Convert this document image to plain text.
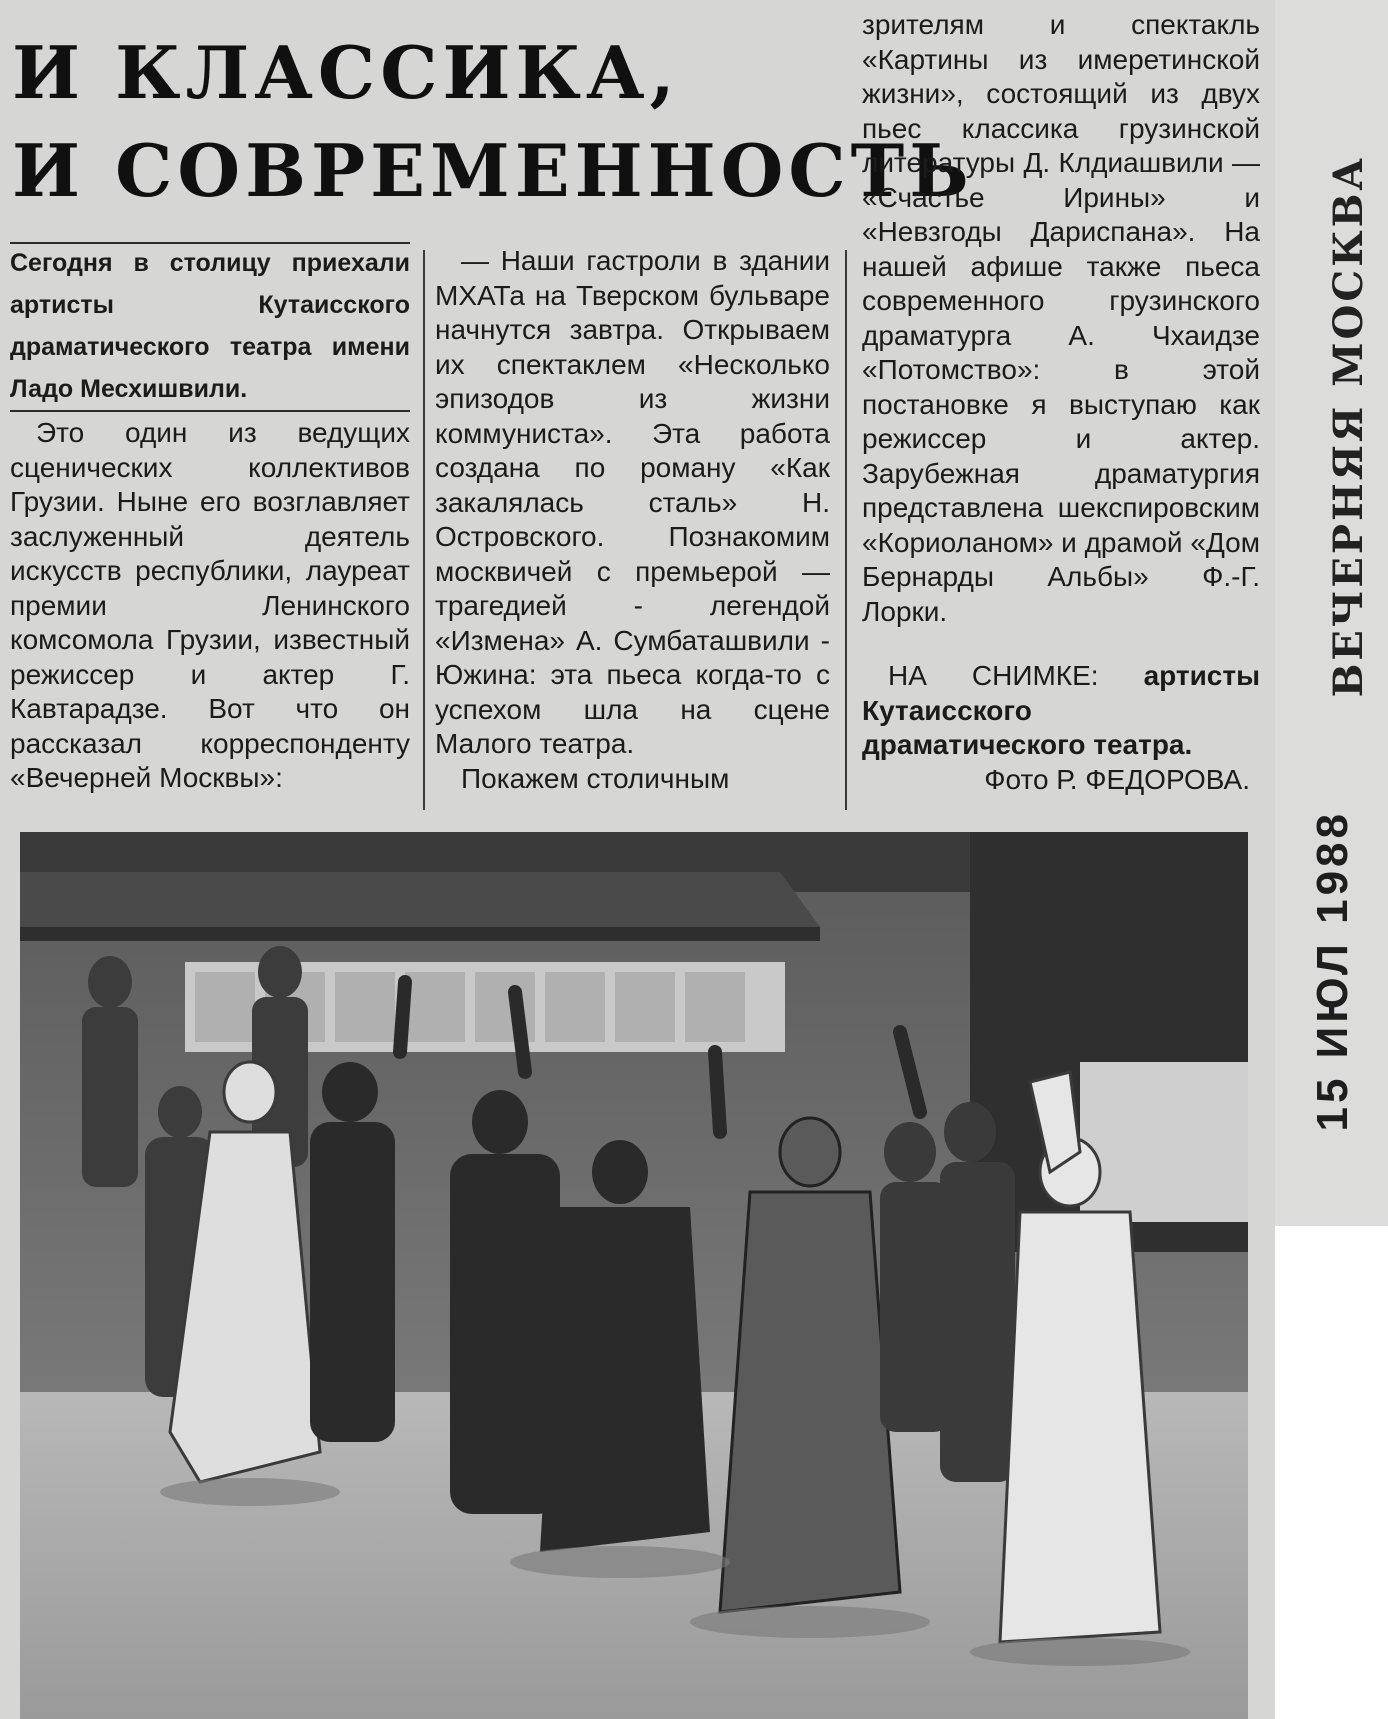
И КЛАССИКА,
И СОВРЕМЕННОСТЬ

Сегодня в столицу приехали артисты Кутаисского драматического театра имени Ладо Месхишвили.

Это один из ведущих сценических коллективов Грузии. Ныне его возглавляет заслуженный деятель искусств республики, лауреат премии Ленинского комсомола Грузии, известный режиссер и актер Г. Кавтарадзе. Вот что он рассказал корреспонденту «Вечерней Москвы»:

— Наши гастроли в здании МХАТа на Тверском бульваре начнутся завтра. Открываем их спектаклем «Несколько эпизодов из жизни коммуниста». Эта работа создана по роману «Как закалялась сталь» Н. Островского. Познакомим москвичей с премьерой — трагедией - легендой «Измена» А. Сумбаташвили - Южина: эта пьеса когда-то с успехом шла на сцене Малого театра.

Покажем столичным

зрителям и спектакль «Картины из имеретинской жизни», состоящий из двух пьес классика грузинской литературы Д. Клдиашвили — «Счастье Ирины» и «Невзгоды Дариспана». На нашей афише также пьеса современного грузинского драматурга А. Чхаидзе «Потомство»: в этой постановке я выступаю как режиссер и актер. Зарубежная драматургия представлена шекспировским «Кориоланом» и драмой «Дом Бернарды Альбы» Ф.-Г. Лорки.

НА СНИМКЕ: артисты Кутаисского драматического театра.

Фото Р. ФЕДОРОВА.

ВЕЧЕРНЯЯ МОСКВА
15 ИЮЛ 1988
